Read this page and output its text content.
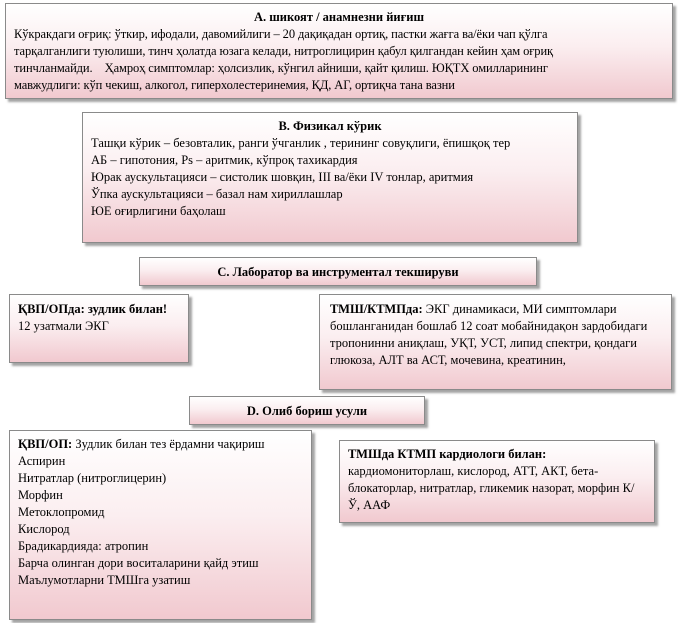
А. шикоят / анамнезни йиғиш
Кўкракдаги оғриқ: ўткир, ифодали, давомийлиги – 20 дақиқадан ортиқ, пастки жағга ва/ёки чап қўлга
тарқалганлиги туюлиши, тинч ҳолатда юзага келади, нитроглицирин қабул қилгандан кейин ҳам оғриқ
тинчланмайди.    Ҳамроҳ симптомлар: ҳолсизлик, кўнгил айниши, қайт қилиш. ЮҚТХ омилларининг
мавжудлиги: кўп чекиш, алкогол, гиперхолестеринемия, ҚД, АГ, ортиқча тана вазни
В. Физикал кўрик
Ташқи кўрик – безовталик, ранги ўчганлик , терининг совуқлиги, ёпишқоқ тер
АБ – гипотония, Ps – аритмик, кўпроқ тахикардия
Юрак аускультацияси – систолик шовқин, III ва/ёки IV тонлар, аритмия
Ўпка аускультацияси – базал нам хириллашлар
ЮЕ оғирлигини баҳолаш
С. Лаборатор ва инструментал текшируви
ҚВП/ОПда: зудлик билан! 12 узатмали ЭКГ
ТМШ/КТМПда: ЭКГ динамикаси, МИ симптомлари бошланганидан бошлаб 12 соат мобайнидақон зардобидаги тропонинни аниқлаш, УҚТ, УСТ, липид спектри, қондаги глюкоза, АЛТ ва АСТ, мочевина, креатинин,
D. Олиб бориш усули
ҚВП/ОП: Зудлик билан тез ёрдамни чақириш
Аспирин
Нитратлар (нитроглицерин)
Морфин
Метоклопромид
Кислород
Брадикардияда: атропин
Барча олинган дори воситаларини қайд этиш
Маълумотларни ТМШга узатиш
ТМШда КТМП кардиологи билан: кардиомониторлаш, кислород, АТТ, АКТ, бета-блокаторлар, нитратлар, гликемик назорат, морфин К/Ў, ААФ
